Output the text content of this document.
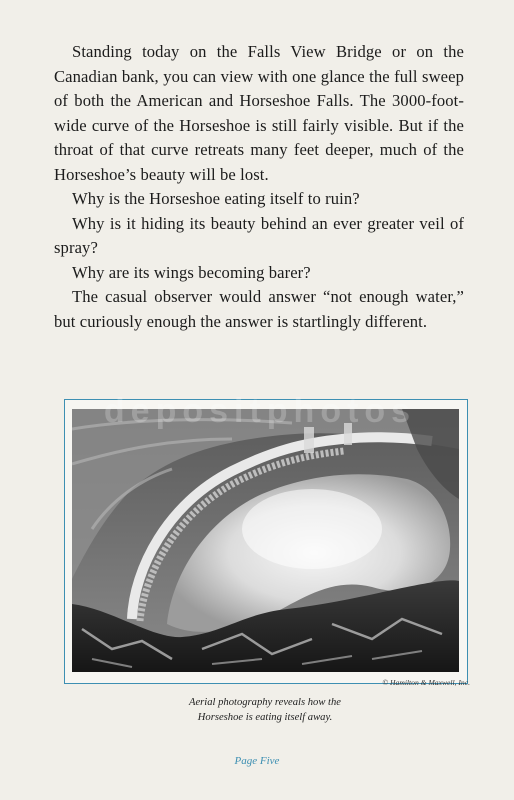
Standing today on the Falls View Bridge or on the Canadian bank, you can view with one glance the full sweep of both the American and Horseshoe Falls. The 3000-foot-wide curve of the Horseshoe is still fairly visible. But if the throat of that curve retreats many feet deeper, much of the Horseshoe’s beauty will be lost.

Why is the Horseshoe eating itself to ruin?

Why is it hiding its beauty behind an ever greater veil of spray?

Why are its wings becoming barer?

The casual observer would answer “not enough water,” but curiously enough the answer is startlingly different.

depositphotos
© Hamilton & Maxwell, Inc.
Aerial photography reveals how the
Horseshoe is eating itself away.
Page Five
